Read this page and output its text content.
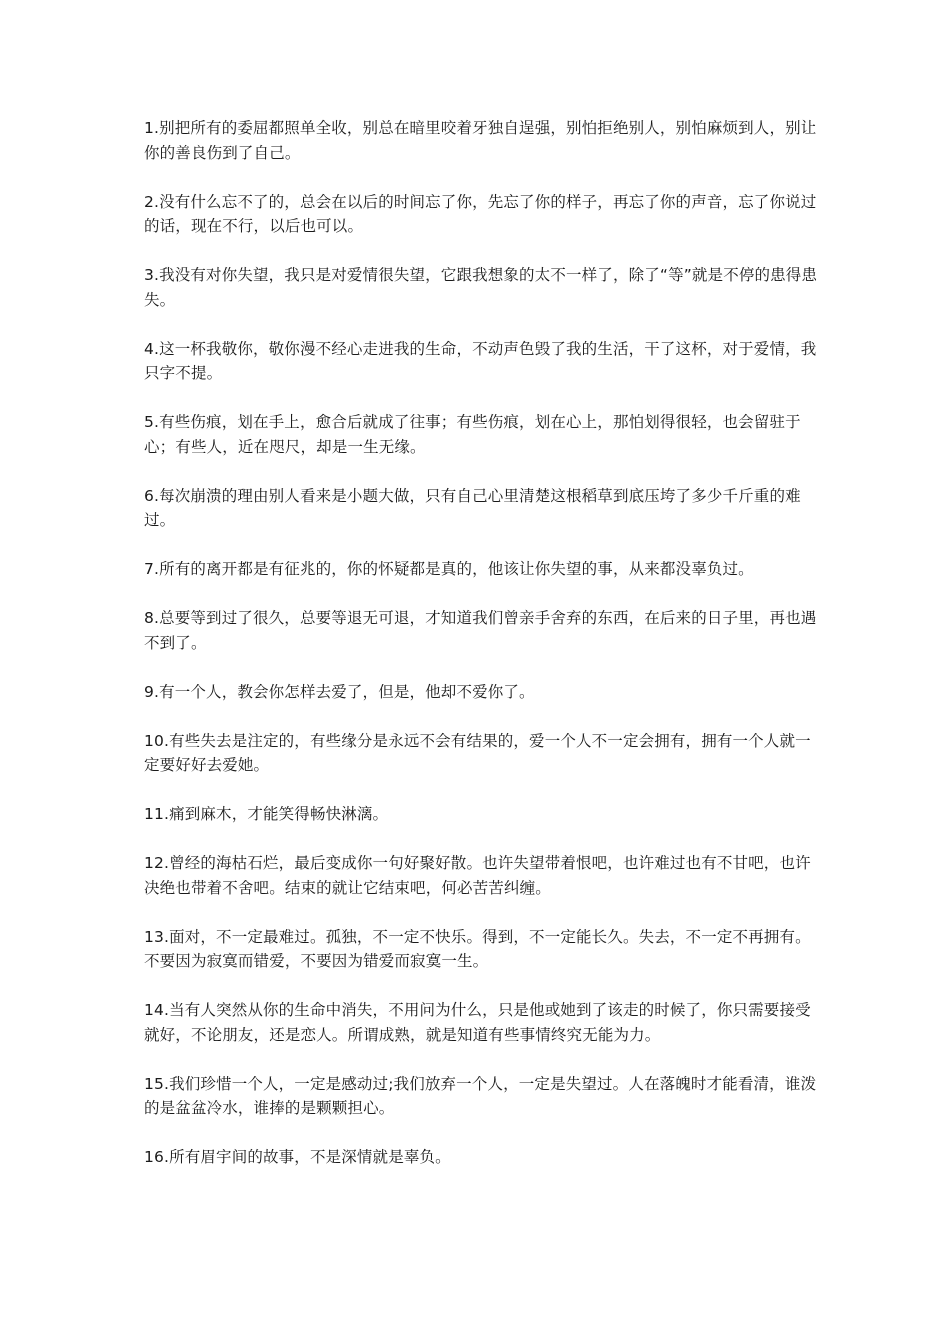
1.别把所有的委屈都照单全收，别总在暗里咬着牙独自逞强，别怕拒绝别人，别怕麻烦到人，别让你的善良伤到了自己。

2.没有什么忘不了的，总会在以后的时间忘了你，先忘了你的样子，再忘了你的声音，忘了你说过的话，现在不行，以后也可以。

3.我没有对你失望，我只是对爱情很失望，它跟我想象的太不一样了，除了“等”就是不停的患得患失。

4.这一杯我敬你，敬你漫不经心走进我的生命，不动声色毁了我的生活，干了这杯，对于爱情，我只字不提。

5.有些伤痕，划在手上，愈合后就成了往事；有些伤痕，划在心上，那怕划得很轻，也会留驻于心；有些人，近在咫尺，却是一生无缘。

6.每次崩溃的理由别人看来是小题大做，只有自己心里清楚这根稻草到底压垮了多少千斤重的难过。

7.所有的离开都是有征兆的，你的怀疑都是真的，他该让你失望的事，从来都没辜负过。

8.总要等到过了很久，总要等退无可退，才知道我们曾亲手舍弃的东西，在后来的日子里，再也遇不到了。

9.有一个人，教会你怎样去爱了，但是，他却不爱你了。

10.有些失去是注定的，有些缘分是永远不会有结果的，爱一个人不一定会拥有，拥有一个人就一定要好好去爱她。

11.痛到麻木，才能笑得畅快淋漓。

12.曾经的海枯石烂，最后变成你一句好聚好散。也许失望带着恨吧，也许难过也有不甘吧，也许决绝也带着不舍吧。结束的就让它结束吧，何必苦苦纠缠。

13.面对，不一定最难过。孤独，不一定不快乐。得到，不一定能长久。失去，不一定不再拥有。不要因为寂寞而错爱，不要因为错爱而寂寞一生。

14.当有人突然从你的生命中消失，不用问为什么，只是他或她到了该走的时候了，你只需要接受就好，不论朋友，还是恋人。所谓成熟，就是知道有些事情终究无能为力。

15.我们珍惜一个人，一定是感动过;我们放弃一个人，一定是失望过。人在落魄时才能看清，谁泼的是盆盆冷水，谁捧的是颗颗担心。

16.所有眉宇间的故事，不是深情就是辜负。
